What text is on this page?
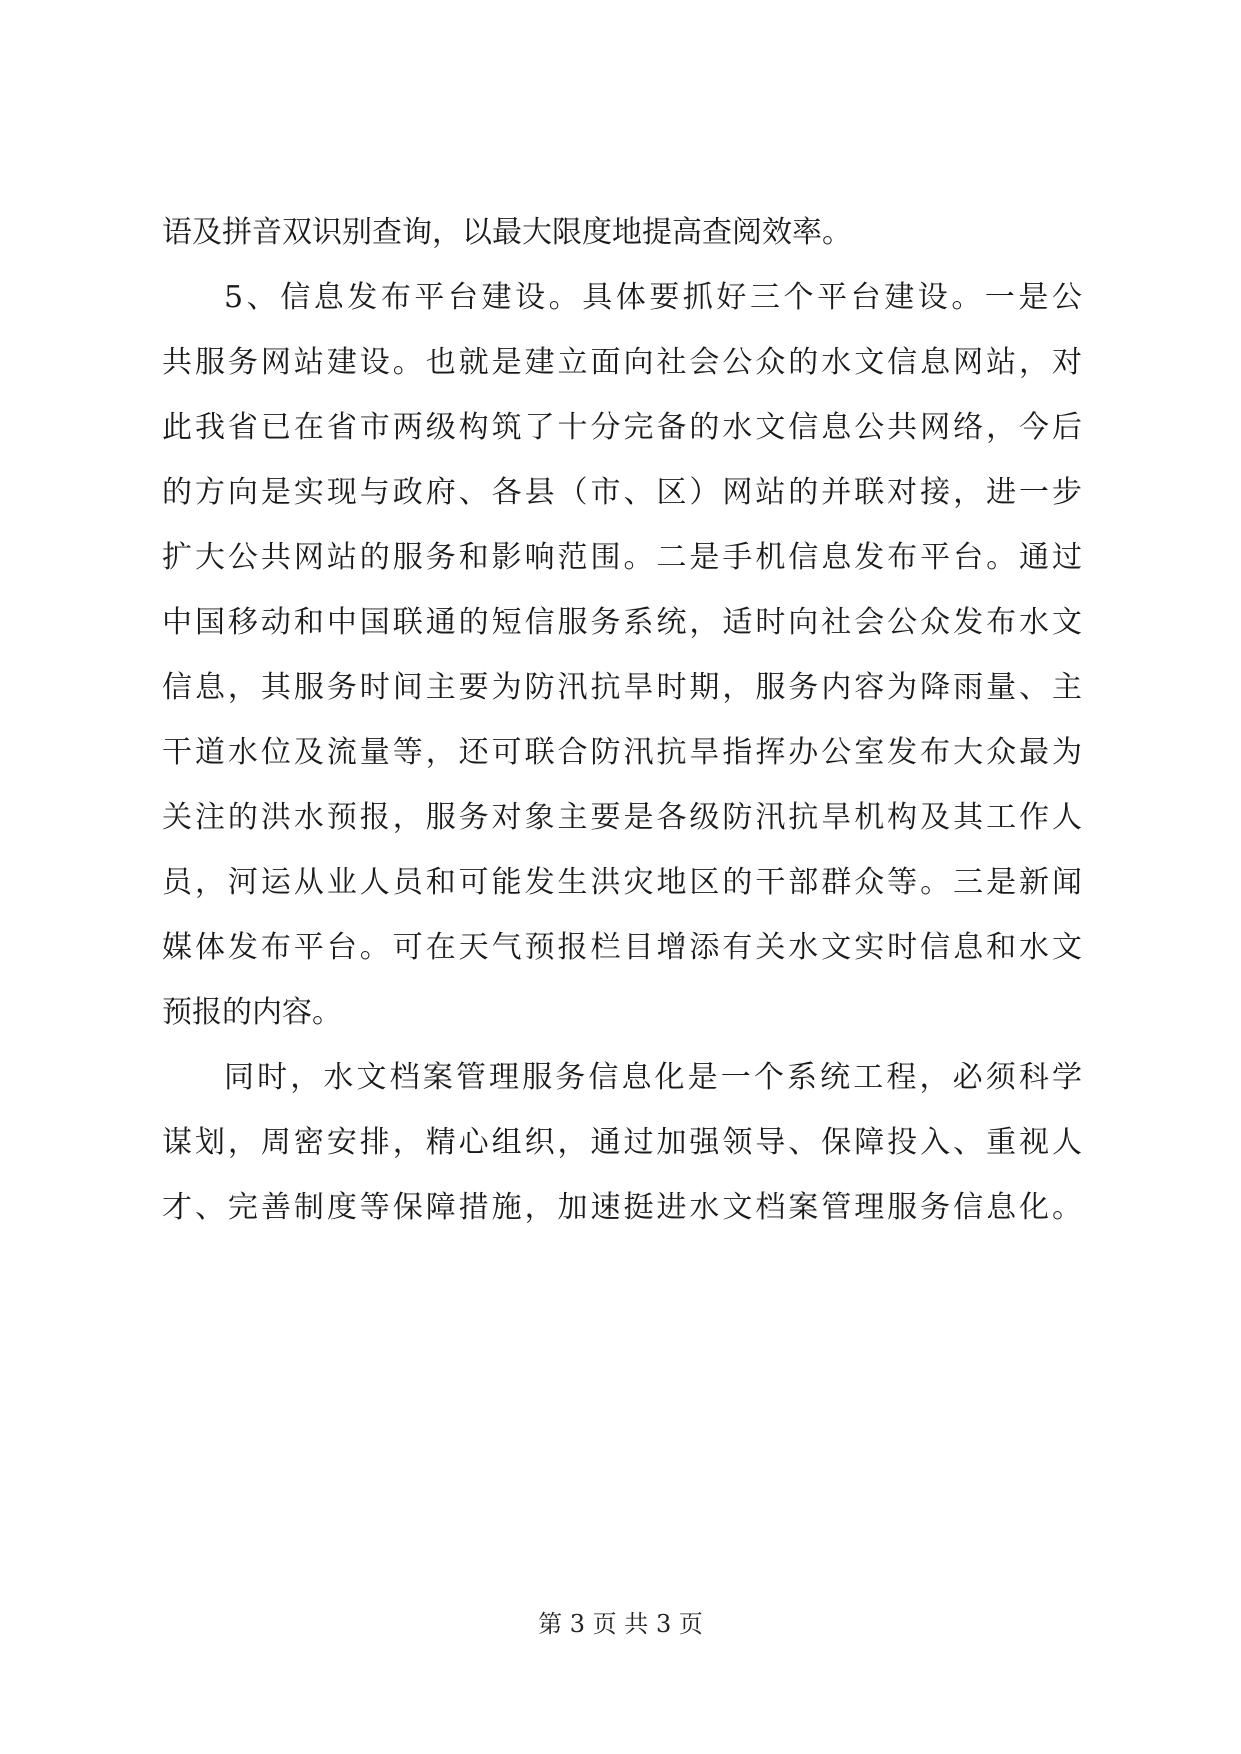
语及拼音双识别查询，以最大限度地提高查阅效率。
5、信息发布平台建设。具体要抓好三个平台建设。一是公
共服务网站建设。也就是建立面向社会公众的水文信息网站，对
此我省已在省市两级构筑了十分完备的水文信息公共网络，今后
的方向是实现与政府、各县（市、区）网站的并联对接，进一步
扩大公共网站的服务和影响范围。二是手机信息发布平台。通过
中国移动和中国联通的短信服务系统，适时向社会公众发布水文
信息，其服务时间主要为防汛抗旱时期，服务内容为降雨量、主
干道水位及流量等，还可联合防汛抗旱指挥办公室发布大众最为
关注的洪水预报，服务对象主要是各级防汛抗旱机构及其工作人
员，河运从业人员和可能发生洪灾地区的干部群众等。三是新闻
媒体发布平台。可在天气预报栏目增添有关水文实时信息和水文
预报的内容。
同时，水文档案管理服务信息化是一个系统工程，必须科学
谋划，周密安排，精心组织，通过加强领导、保障投入、重视人
才、完善制度等保障措施，加速挺进水文档案管理服务信息化。
第 3 页 共 3 页
